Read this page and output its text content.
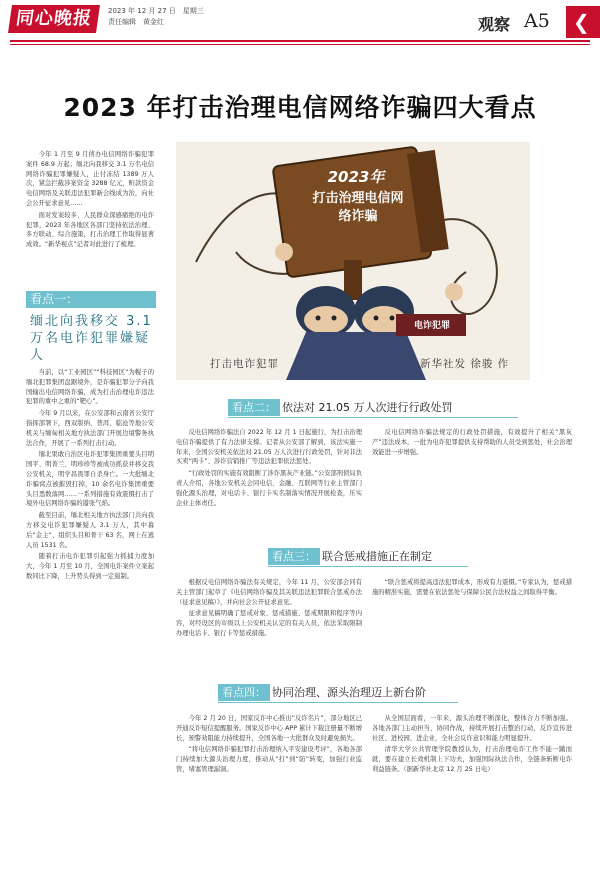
同心晚报	2023 年 12 月 27 日　星期三
责任编辑　黄金红	观察 A5 ❮
2023 年打击治理电信网络诈骗四大看点

今年 1 月至 9 月侦办电信网络诈骗犯罪案件 68.9 万起；缅北向我移交 3.1 万名电信网络诈骗犯罪嫌疑人，止付冻结 1389 万人次，紧急拦截涉案资金 3288 亿元，赃款资金电信网络及关联违法犯罪新会线成为治，向社会公开征求意见……

面对发案较多、人民群众深感痛绝的电诈犯罪，2023 年各地区各部门坚持依法治理、多方联动、综合施策，打击治理工作取得显著成效。“新华视点”记者对此进行了梳理。

看点一：
缅北向我移交 3.1 万名电诈犯罪嫌疑人

当前，以“工业园区”“科技园区”为幌子的缅北犯罪集团盘踞境外，是诈骗犯罪分子向我国输出电信网络诈骗，成为打击治理电诈违法犯罪的重中之重的“靶心”。

今年 9 月以来，在公安部和云南省公安厅指挥部署下，西双版纳、普洱、临沧等地公安机关与缅甸相关地方执法部门开展边境警务执法合作，开展了一系列打击行动。

缅北果敢自治区电诈犯罪集团重要头目明国平、明菁兰、明珍珍等被成功抓获并移交我公安机关，明学昌畏罪自杀身亡。一大批缅北诈骗窝点被摧毁打掉，10 余名电诈集团重要头目悉数落网……一系列措施有效震慑打击了境外电信网络诈骗的嚣张气焰。

截至目前，缅北相关地方执法部门共向我方移交电诈犯罪嫌疑人 3.1 万人，其中幕后“金主”、组织头目和骨干 63 名，网上在逃人员 1531 名。

随着打击电诈犯罪引起强力抓捕力度加大，今年 1 月至 10 月，全国电诈案件立案起数同比下降，上升势头得到一定遏制。

2023年
打击治理电信网络诈骗
电诈犯罪
打击电诈犯罪	新华社发 徐骏 作
看点二： 依法对 21.05 万人次进行行政处罚

反电信网络诈骗法自 2022 年 12 月 1 日起施行，为打击治理电信诈骗提供了有力法律支撑。记者从公安部了解到，该法实施一年来，全国公安机关依法对 21.05 万人次进行行政处罚，针对非法买卖“两卡”、涉诈营销推广等违法犯罪依法惩处。

“行政处罚的实施有效阻断了涉诈黑灰产业链。”公安部刑侦局负责人介绍，各地公安机关会同电信、金融、互联网等行业主管部门强化源头治理，对电话卡、银行卡实名制落实情况开展检查，压实企业主体责任。

反电信网络诈骗法规定的行政处罚措施，有效提升了相关“黑灰产”违法成本，一批为电诈犯罪提供支持帮助的人员受到惩处，社会治理效能进一步增强。

看点三： 联合惩戒措施正在制定

根据反电信网络诈骗法有关规定，今年 11 月，公安部会同有关主管部门起草了《电信网络诈骗及其关联违法犯罪联合惩戒办法（征求意见稿）》，并向社会公开征求意见。

征求意见稿明确了惩戒对象、惩戒措施、惩戒期限和程序等内容，对经设区的市级以上公安机关认定的有关人员，依法采取限制办理电话卡、银行卡等惩戒措施。

“联合惩戒将提高违法犯罪成本，形成有力震慑。”专家认为，惩戒措施的精准实施，需要在依法惩处与保障公民合法权益之间取得平衡。

看点四： 协同治理、源头治理迈上新台阶

今年 2 月 20 日，国家反诈中心推出“反诈名片”，部分地区已开通反诈短信提醒服务。国家反诈中心 APP 累计下载注册量不断增长，预警劝阻能力持续提升，全国各地一大批群众及时避免损失。

“将电信网络诈骗犯罪打击治理纳入平安建设考评”，各地各部门持续加大源头治理力度，推动从“打”到“防”转变，加强行业监管，堵塞管理漏洞。

从全国层面看，一年来，源头治理不断深化，整体合力不断加强。各地各部门主动担当、协同作战，持续开展打击整治行动，反诈宣传进社区、进校园、进企业，全社会反诈意识和能力明显提升。

清华大学公共管理学院教授认为，打击治理电诈工作不能一蹴而就，要在建立长效机制上下功夫，加强国际执法合作，全链条斩断电诈利益链条。（据新华社北京 12 月 25 日电）
